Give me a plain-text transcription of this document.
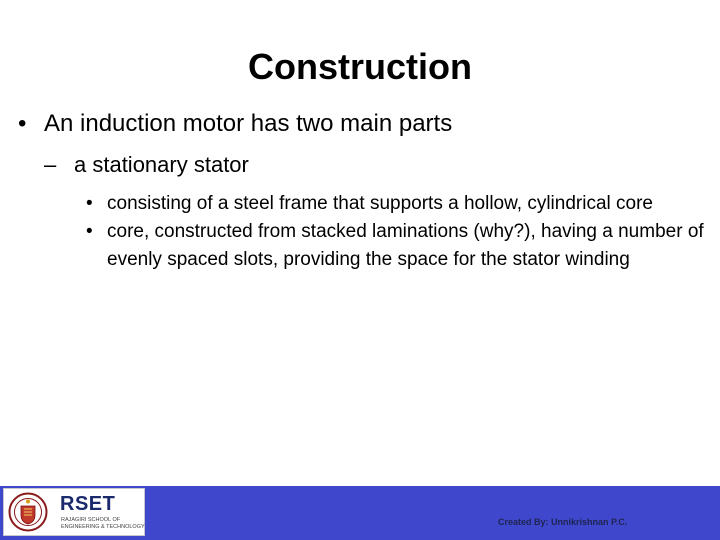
Construction
• An induction motor has two main parts
– a stationary stator
• consisting of a steel frame that supports a hollow, cylindrical core
• core, constructed from stacked laminations (why?), having a number of evenly spaced slots, providing the space for the stator winding
RSET
RAJAGIRI SCHOOL OF
ENGINEERING & TECHNOLOGY	Created By: Unnikrishnan P.C.
